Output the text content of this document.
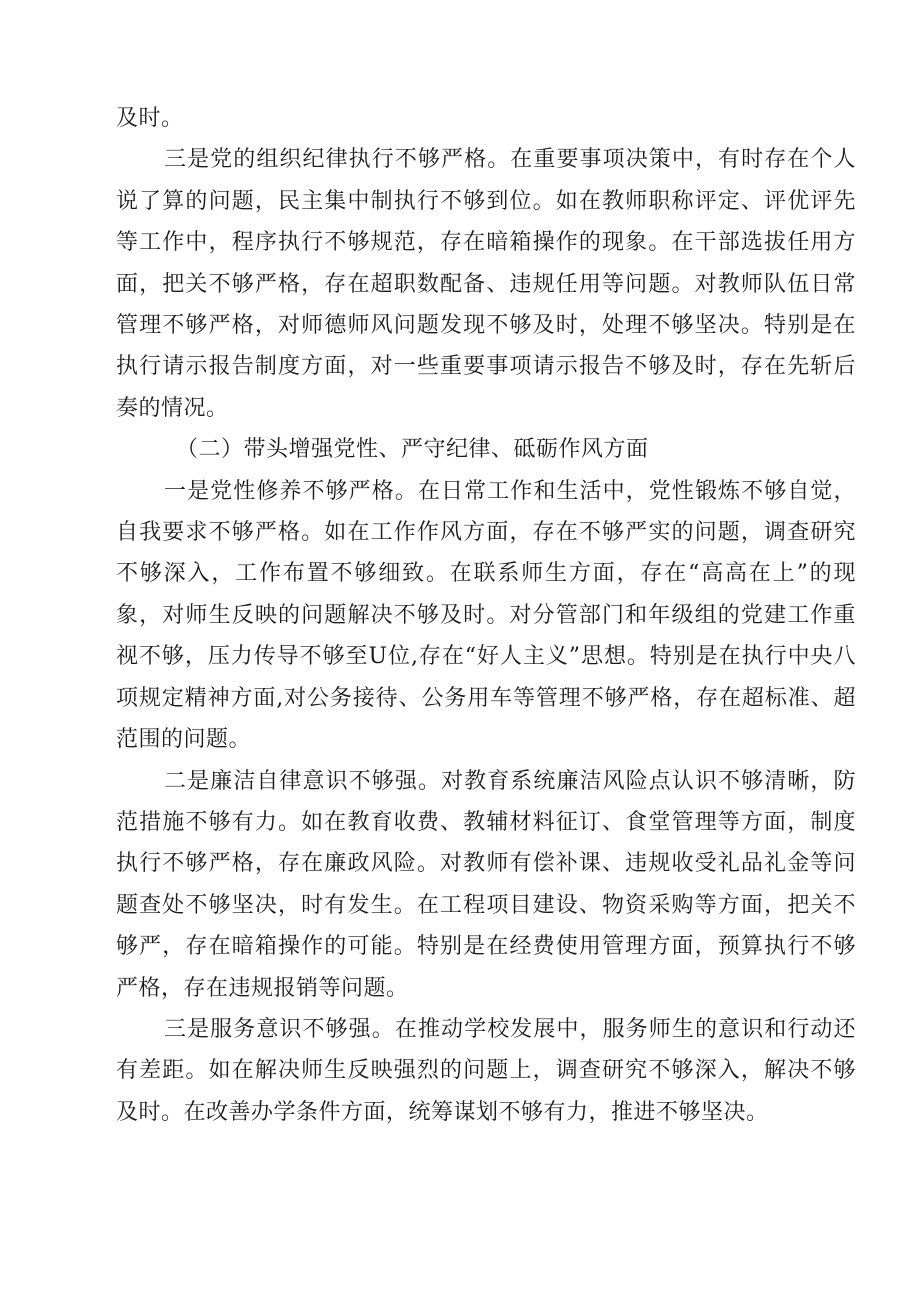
及时。

三是党的组织纪律执行不够严格。在重要事项决策中，有时存在个人说了算的问题，民主集中制执行不够到位。如在教师职称评定、评优评先等工作中，程序执行不够规范，存在暗箱操作的现象。在干部选拔任用方面，把关不够严格，存在超职数配备、违规任用等问题。对教师队伍日常管理不够严格，对师德师风问题发现不够及时，处理不够坚决。特别是在执行请示报告制度方面，对一些重要事项请示报告不够及时，存在先斩后奏的情况。

（二）带头增强党性、严守纪律、砥砺作风方面

一是党性修养不够严格。在日常工作和生活中，党性锻炼不够自觉，自我要求不够严格。如在工作作风方面，存在不够严实的问题，调查研究不够深入，工作布置不够细致。在联系师生方面，存在“高高在上”的现象，对师生反映的问题解决不够及时。对分管部门和年级组的党建工作重视不够，压力传导不够至U位,存在“好人主义”思想。特别是在执行中央八项规定精神方面,对公务接待、公务用车等管理不够严格，存在超标准、超范围的问题。

二是廉洁自律意识不够强。对教育系统廉洁风险点认识不够清晰，防范措施不够有力。如在教育收费、教辅材料征订、食堂管理等方面，制度执行不够严格，存在廉政风险。对教师有偿补课、违规收受礼品礼金等问题查处不够坚决，时有发生。在工程项目建设、物资采购等方面，把关不够严，存在暗箱操作的可能。特别是在经费使用管理方面，预算执行不够严格，存在违规报销等问题。

三是服务意识不够强。在推动学校发展中，服务师生的意识和行动还有差距。如在解决师生反映强烈的问题上，调查研究不够深入，解决不够及时。在改善办学条件方面，统筹谋划不够有力，推进不够坚决。
